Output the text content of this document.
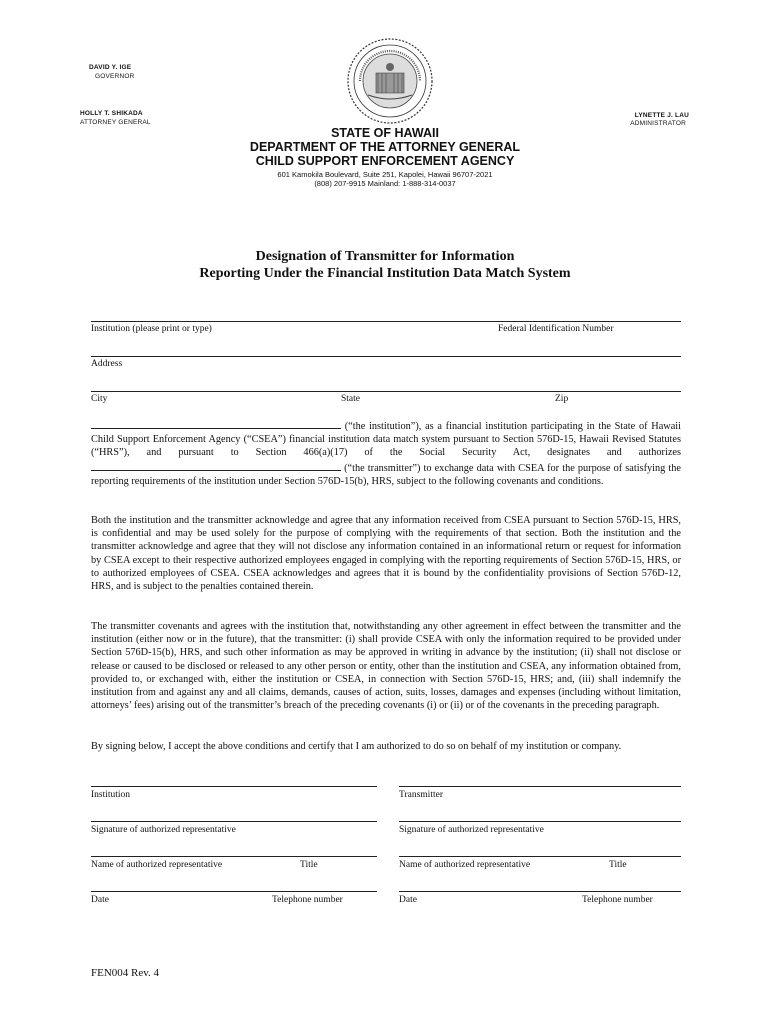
DAVID Y. IGE
GOVERNOR
HOLLY T. SHIKADA
ATTORNEY GENERAL
LYNETTE J. LAU
ADMINISTRATOR
STATE OF HAWAII
DEPARTMENT OF THE ATTORNEY GENERAL
CHILD SUPPORT ENFORCEMENT AGENCY
601 Kamokila Boulevard, Suite 251, Kapolei, Hawaii 96707-2021
(808) 207-9915 Mainland: 1-888-314-0037
Designation of Transmitter for Information
Reporting Under the Financial Institution Data Match System
Institution (please print or type)	Federal Identification Number
Address
City	State	Zip
(“the institution”), as a financial institution participating in the State of Hawaii Child Support Enforcement Agency (“CSEA”) financial institution data match system pursuant to Section 576D-15, Hawaii Revised Statutes (“HRS”), and pursuant to Section 466(a)(17) of the Social Security Act, designates and authorizes  (“the transmitter”) to exchange data with CSEA for the purpose of satisfying the reporting requirements of the institution under Section 576D-15(b), HRS, subject to the following covenants and conditions.
Both the institution and the transmitter acknowledge and agree that any information received from CSEA pursuant to Section 576D-15, HRS, is confidential and may be used solely for the purpose of complying with the requirements of that section. Both the institution and the transmitter acknowledge and agree that they will not disclose any information contained in an informational return or request for information by CSEA except to their respective authorized employees engaged in complying with the reporting requirements of Section 576D-15, HRS, or to authorized employees of CSEA. CSEA acknowledges and agrees that it is bound by the confidentiality provisions of Section 576D-12, HRS, and is subject to the penalties contained therein.
The transmitter covenants and agrees with the institution that, notwithstanding any other agreement in effect between the transmitter and the institution (either now or in the future), that the transmitter: (i) shall provide CSEA with only the information required to be provided under Section 576D-15(b), HRS, and such other information as may be approved in writing in advance by the institution; (ii) shall not disclose or release or caused to be disclosed or released to any other person or entity, other than the institution and CSEA, any information obtained from, provided to, or exchanged with, either the institution or CSEA, in connection with Section 576D-15, HRS; and, (iii) shall indemnify the institution from and against any and all claims, demands, causes of action, suits, losses, damages and expenses (including without limitation, attorneys’ fees) arising out of the transmitter’s breach of the preceding covenants (i) or (ii) or of the covenants in the preceding paragraph.
By signing below, I accept the above conditions and certify that I am authorized to do so on behalf of my institution or company.
Institution
Signature of authorized representative
Name of authorized representative	Title
Date	Telephone number
Transmitter
Signature of authorized representative
Name of authorized representative	Title
Date	Telephone number
FEN004 Rev. 4
